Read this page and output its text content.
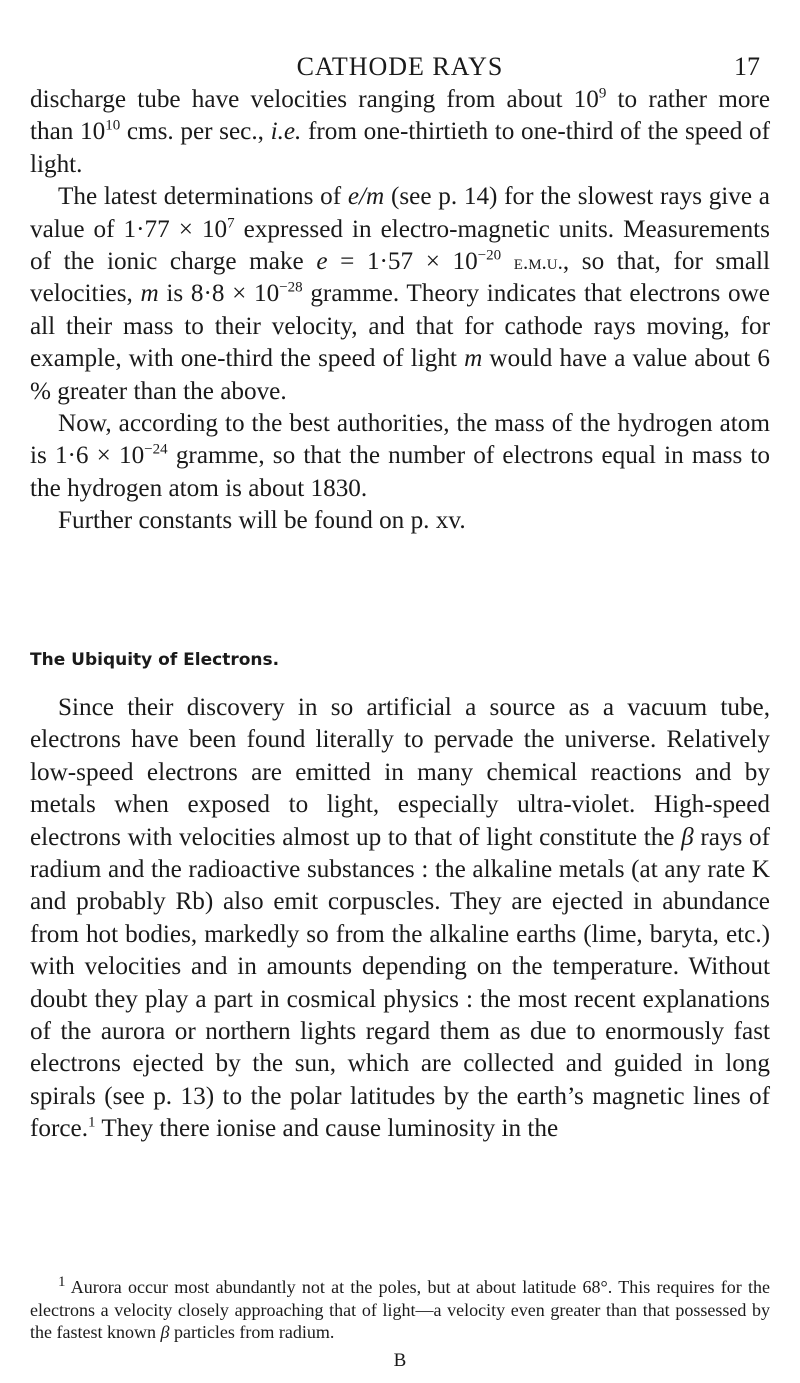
CATHODE RAYS	17

discharge tube have velocities ranging from about $10^9$ to rather more than $10^{10}$ cms. per sec., i.e. from one-thirtieth to one-third of the speed of light.

The latest determinations of e/m (see p. 14) for the slowest rays give a value of $1\cdot 77 \times 10^7$ expressed in electro-magnetic units. Measurements of the ionic charge make $e = 1\cdot 57 \times 10^{-20}$ e.m.u., so that, for small velocities, m is $8\cdot 8 \times 10^{-28}$ gramme. Theory indicates that electrons owe all their mass to their velocity, and that for cathode rays moving, for example, with one-third the speed of light m would have a value about 6 % greater than the above.

Now, according to the best authorities, the mass of the hydrogen atom is $1\cdot 6 \times 10^{-24}$ gramme, so that the number of electrons equal in mass to the hydrogen atom is about 1830.

Further constants will be found on p. xv.

The Ubiquity of Electrons.

Since their discovery in so artificial a source as a vacuum tube, electrons have been found literally to pervade the universe. Relatively low-speed electrons are emitted in many chemical reactions and by metals when exposed to light, especially ultra-violet. High-speed electrons with velocities almost up to that of light constitute the β rays of radium and the radioactive substances : the alkaline metals (at any rate K and probably Rb) also emit corpuscles. They are ejected in abundance from hot bodies, markedly so from the alkaline earths (lime, baryta, etc.) with velocities and in amounts depending on the temperature. Without doubt they play a part in cosmical physics : the most recent explanations of the aurora or northern lights regard them as due to enormously fast electrons ejected by the sun, which are collected and guided in long spirals (see p. 13) to the polar latitudes by the earth’s magnetic lines of force.$^1$ They there ionise and cause luminosity in the

$^1$ Aurora occur most abundantly not at the poles, but at about latitude 68°. This requires for the electrons a velocity closely approaching that of light—a velocity even greater than that possessed by the fastest known β particles from radium.
B
